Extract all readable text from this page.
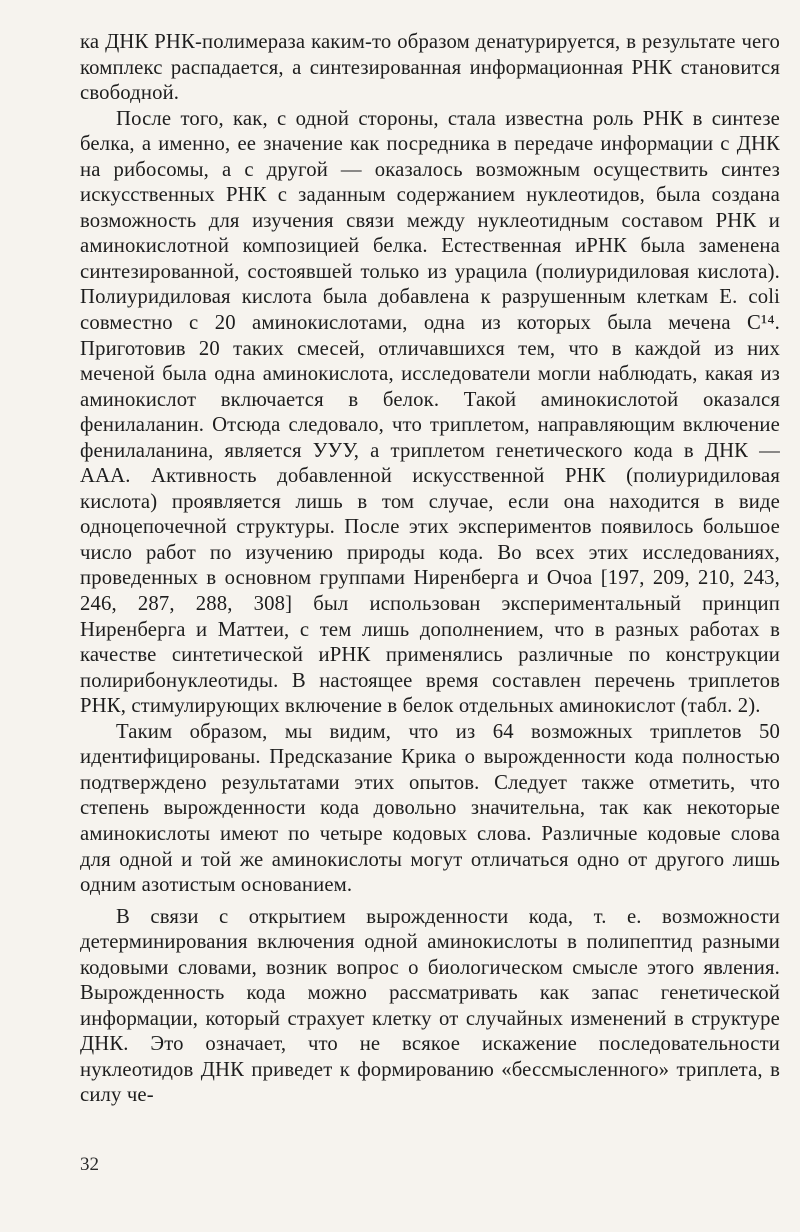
ка ДНК РНК-полимераза каким-то образом денатурируется, в результате чего комплекс распадается, а синтезированная информационная РНК становится свободной.

После того, как, с одной стороны, стала известна роль РНК в синтезе белка, а именно, ее значение как посредника в передаче информации с ДНК на рибосомы, а с другой — оказалось возможным осуществить синтез искусственных РНК с заданным содержанием нуклеотидов, была создана возможность для изучения связи между нуклеотидным составом РНК и аминокислотной композицией белка. Естественная иРНК была заменена синтезированной, состоявшей только из урацила (полиуридиловая кислота). Полиуридиловая кислота была добавлена к разрушенным клеткам E. coli совместно с 20 аминокислотами, одна из которых была мечена C¹⁴. Приготовив 20 таких смесей, отличавшихся тем, что в каждой из них меченой была одна аминокислота, исследователи могли наблюдать, какая из аминокислот включается в белок. Такой аминокислотой оказался фенилаланин. Отсюда следовало, что триплетом, направляющим включение фенилаланина, является УУУ, а триплетом генетического кода в ДНК — ААА. Активность добавленной искусственной РНК (полиуридиловая кислота) проявляется лишь в том случае, если она находится в виде одноцепочечной структуры. После этих экспериментов появилось большое число работ по изучению природы кода. Во всех этих исследованиях, проведенных в основном группами Ниренберга и Очоа [197, 209, 210, 243, 246, 287, 288, 308] был использован экспериментальный принцип Ниренберга и Маттеи, с тем лишь дополнением, что в разных работах в качестве синтетической иРНК применялись различные по конструкции полирибонуклеотиды. В настоящее время составлен перечень триплетов РНК, стимулирующих включение в белок отдельных аминокислот (табл. 2).

Таким образом, мы видим, что из 64 возможных триплетов 50 идентифицированы. Предсказание Крика о вырожденности кода полностью подтверждено результатами этих опытов. Следует также отметить, что степень вырожденности кода довольно значительна, так как некоторые аминокислоты имеют по четыре кодовых слова. Различные кодовые слова для одной и той же аминокислоты могут отличаться одно от другого лишь одним азотистым основанием.

В связи с открытием вырожденности кода, т. е. возможности детерминирования включения одной аминокислоты в полипептид разными кодовыми словами, возник вопрос о биологическом смысле этого явления. Вырожденность кода можно рассматривать как запас генетической информации, который страхует клетку от случайных изменений в структуре ДНК. Это означает, что не всякое искажение последовательности нуклеотидов ДНК приведет к формированию «бессмысленного» триплета, в силу че-

32
